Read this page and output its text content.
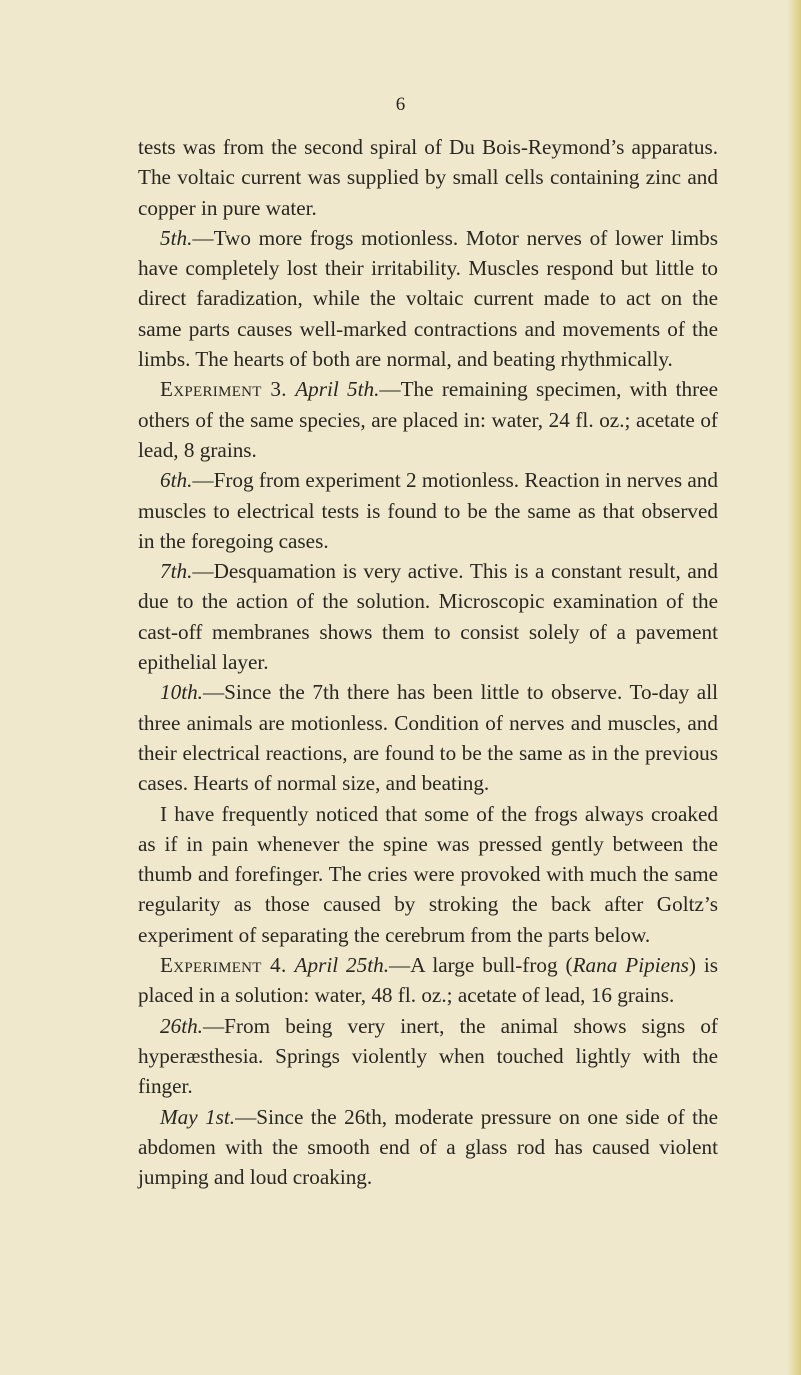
6

tests was from the second spiral of Du Bois-Reymond’s apparatus. The voltaic current was supplied by small cells containing zinc and copper in pure water.

5th.—Two more frogs motionless. Motor nerves of lower limbs have completely lost their irritability. Muscles respond but little to direct faradization, while the voltaic current made to act on the same parts causes well-marked contractions and movements of the limbs. The hearts of both are normal, and beating rhythmically.

Experiment 3. April 5th.—The remaining specimen, with three others of the same species, are placed in: water, 24 fl. oz.; acetate of lead, 8 grains.

6th.—Frog from experiment 2 motionless. Reaction in nerves and muscles to electrical tests is found to be the same as that observed in the foregoing cases.

7th.—Desquamation is very active. This is a constant result, and due to the action of the solution. Microscopic examination of the cast-off membranes shows them to consist solely of a pavement epithelial layer.

10th.—Since the 7th there has been little to observe. To-day all three animals are motionless. Condition of nerves and muscles, and their electrical reactions, are found to be the same as in the previous cases. Hearts of normal size, and beating.

I have frequently noticed that some of the frogs always croaked as if in pain whenever the spine was pressed gently between the thumb and forefinger. The cries were provoked with much the same regularity as those caused by stroking the back after Goltz’s experiment of separating the cerebrum from the parts below.

Experiment 4. April 25th.—A large bull-frog (Rana Pipiens) is placed in a solution: water, 48 fl. oz.; acetate of lead, 16 grains.

26th.—From being very inert, the animal shows signs of hyperæsthesia. Springs violently when touched lightly with the finger.

May 1st.—Since the 26th, moderate pressure on one side of the abdomen with the smooth end of a glass rod has caused violent jumping and loud croaking.
